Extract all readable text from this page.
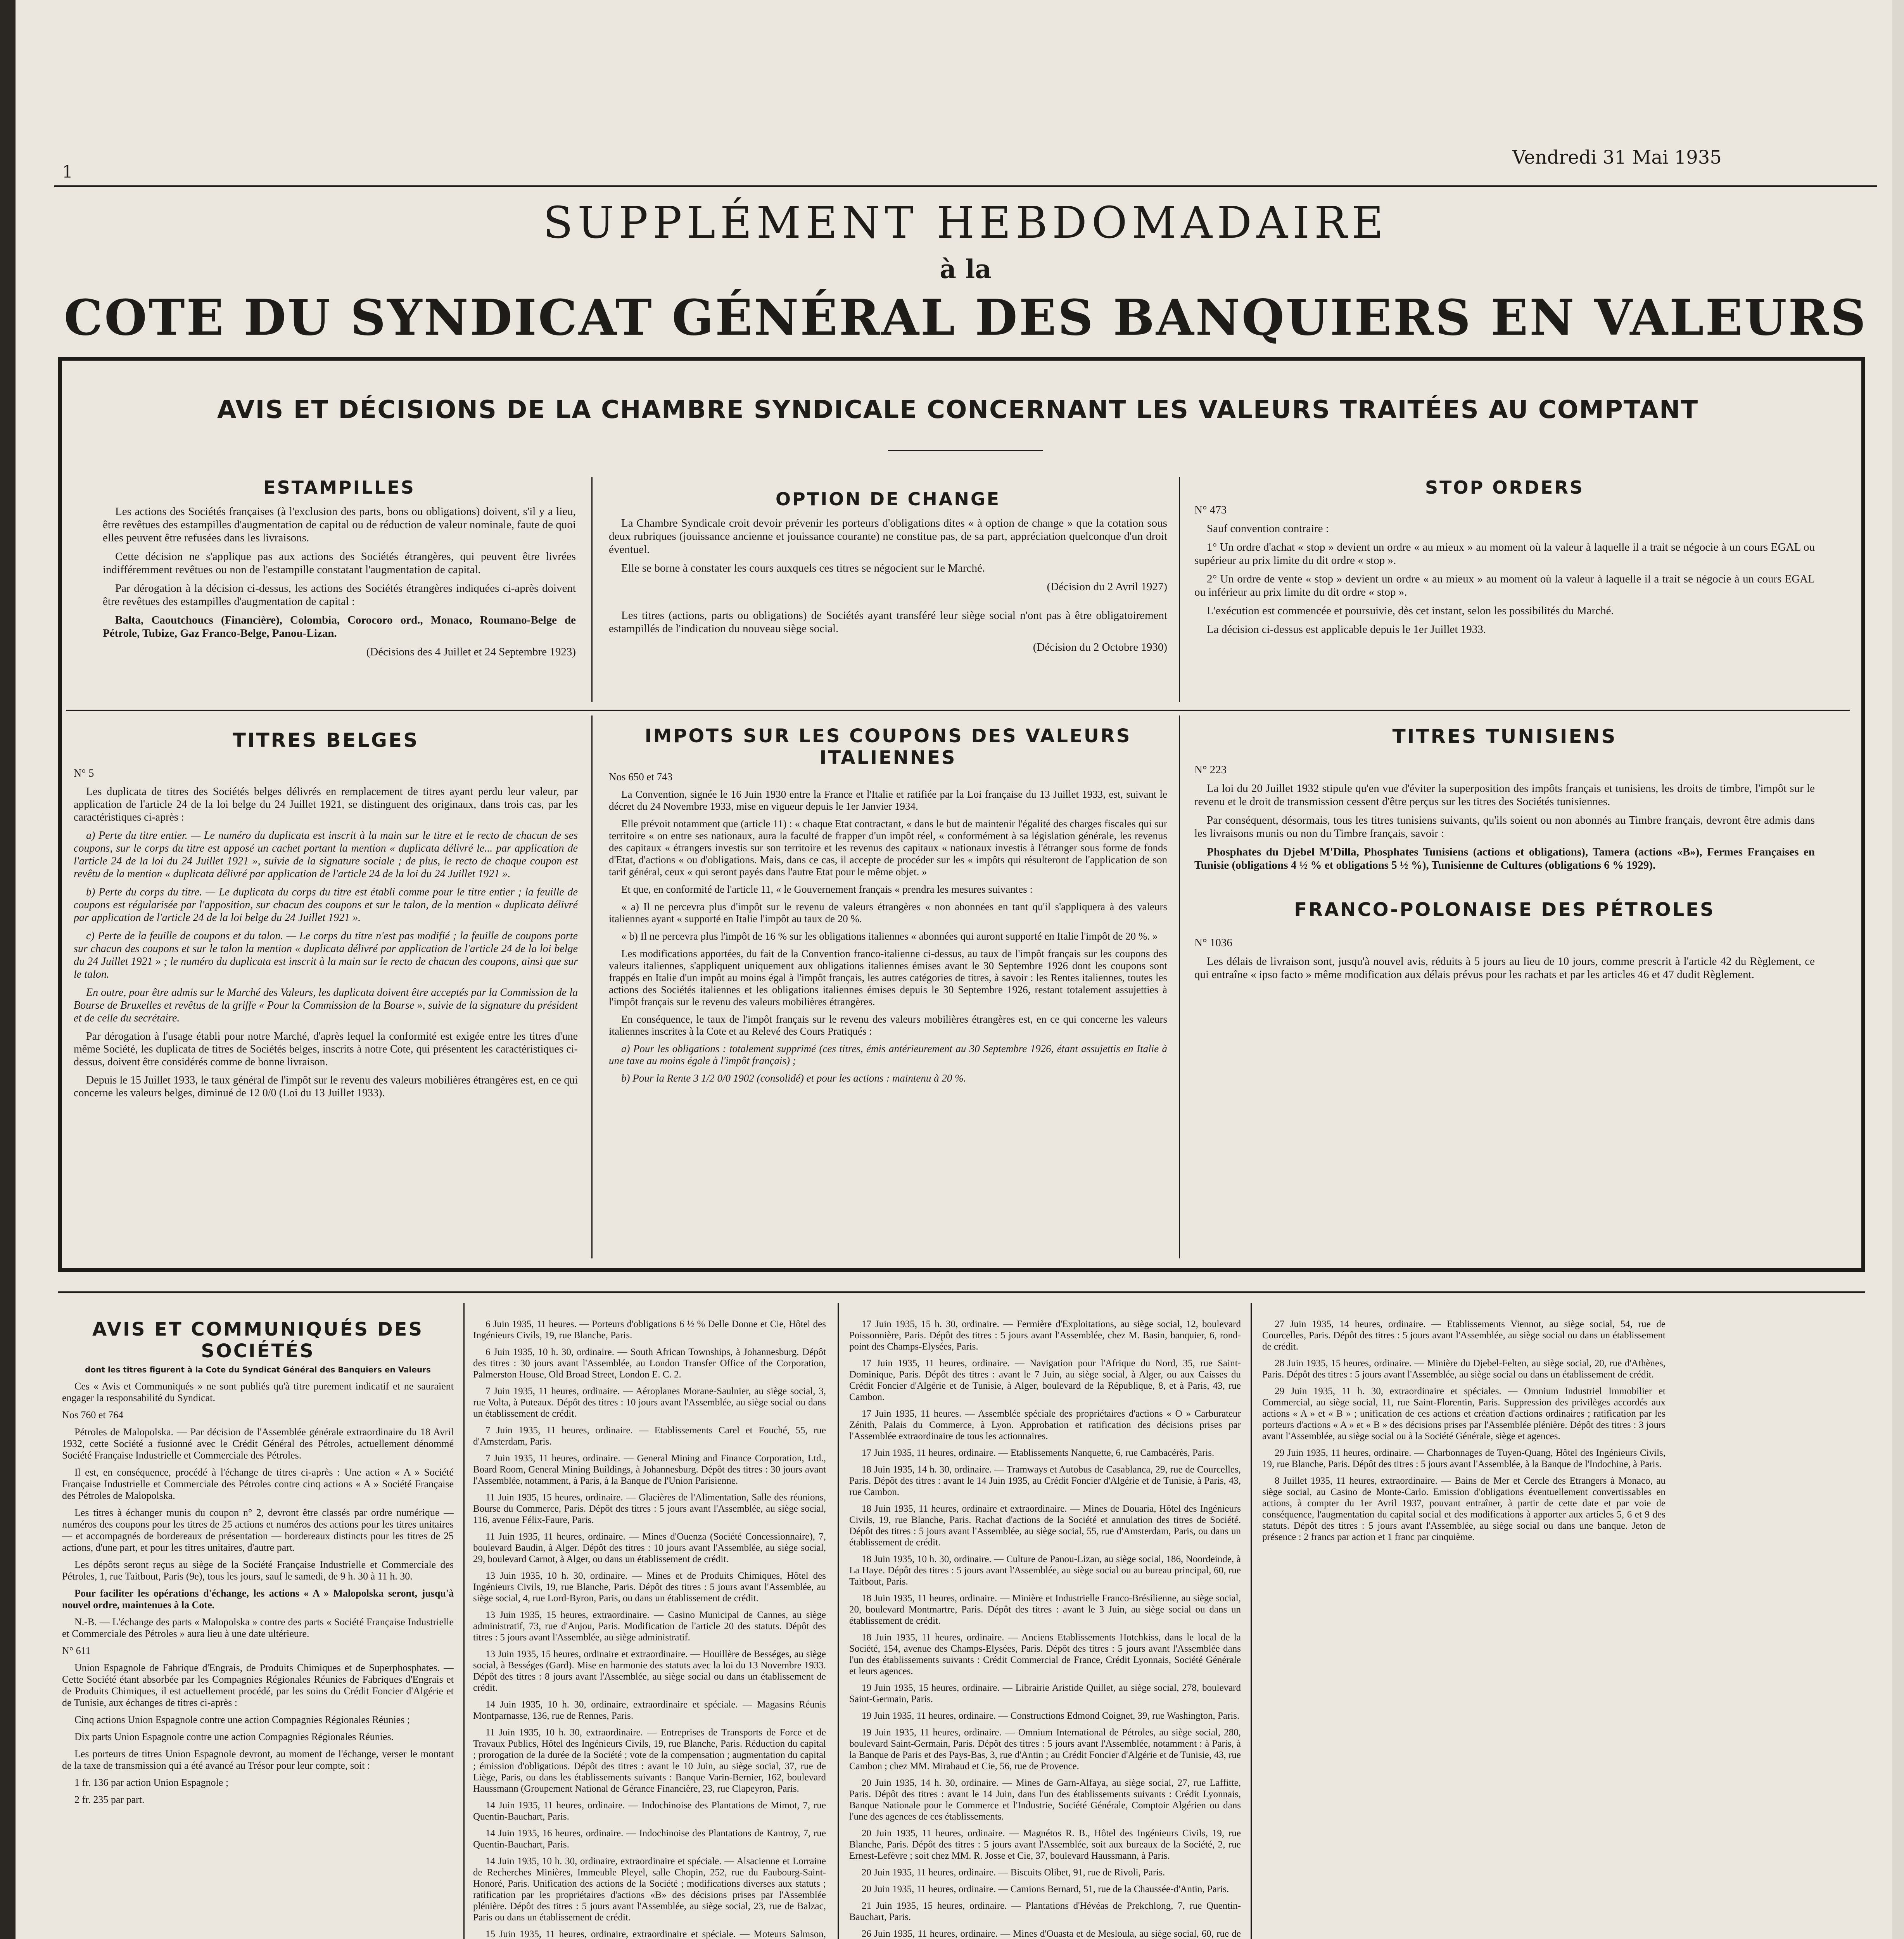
1
Vendredi 31 Mai 1935
SUPPLÉMENT HEBDOMADAIRE
à la
COTE DU SYNDICAT GÉNÉRAL DES BANQUIERS EN VALEURS
AVIS ET DÉCISIONS DE LA CHAMBRE SYNDICALE CONCERNANT LES VALEURS TRAITÉES AU COMPTANT
ESTAMPILLES

Les actions des Sociétés françaises (à l'exclusion des parts, bons ou obligations) doivent, s'il y a lieu, être revêtues des estampilles d'augmentation de capital ou de réduction de valeur nominale, faute de quoi elles peuvent être refusées dans les livraisons.

Cette décision ne s'applique pas aux actions des Sociétés étrangères, qui peuvent être livrées indifféremment revêtues ou non de l'estampille constatant l'augmentation de capital.

Par dérogation à la décision ci-dessus, les actions des Sociétés étrangères indiquées ci-après doivent être revêtues des estampilles d'augmentation de capital :

Balta, Caoutchoucs (Financière), Colombia, Corocoro ord., Monaco, Roumano-Belge de Pétrole, Tubize, Gaz Franco-Belge, Panou-Lizan.

(Décisions des 4 Juillet et 24 Septembre 1923)

OPTION DE CHANGE

La Chambre Syndicale croit devoir prévenir les porteurs d'obligations dites « à option de change » que la cotation sous deux rubriques (jouissance ancienne et jouissance courante) ne constitue pas, de sa part, appréciation quelconque d'un droit éventuel.

Elle se borne à constater les cours auxquels ces titres se négocient sur le Marché.

(Décision du 2 Avril 1927)

Les titres (actions, parts ou obligations) de Sociétés ayant transféré leur siège social n'ont pas à être obligatoirement estampillés de l'indication du nouveau siège social.

(Décision du 2 Octobre 1930)

STOP ORDERS

N° 473

Sauf convention contraire :

1° Un ordre d'achat « stop » devient un ordre « au mieux » au moment où la valeur à laquelle il a trait se négocie à un cours EGAL ou supérieur au prix limite du dit ordre « stop ».

2° Un ordre de vente « stop » devient un ordre « au mieux » au moment où la valeur à laquelle il a trait se négocie à un cours EGAL ou inférieur au prix limite du dit ordre « stop ».

L'exécution est commencée et poursuivie, dès cet instant, selon les possibilités du Marché.

La décision ci-dessus est applicable depuis le 1er Juillet 1933.

TITRES BELGES

N° 5

Les duplicata de titres des Sociétés belges délivrés en remplacement de titres ayant perdu leur valeur, par application de l'article 24 de la loi belge du 24 Juillet 1921, se distinguent des originaux, dans trois cas, par les caractéristiques ci-après :

a) Perte du titre entier. — Le numéro du duplicata est inscrit à la main sur le titre et le recto de chacun de ses coupons, sur le corps du titre est apposé un cachet portant la mention « duplicata délivré le... par application de l'article 24 de la loi du 24 Juillet 1921 », suivie de la signature sociale ; de plus, le recto de chaque coupon est revêtu de la mention « duplicata délivré par application de l'article 24 de la loi du 24 Juillet 1921 ».

b) Perte du corps du titre. — Le duplicata du corps du titre est établi comme pour le titre entier ; la feuille de coupons est régularisée par l'apposition, sur chacun des coupons et sur le talon, de la mention « duplicata délivré par application de l'article 24 de la loi belge du 24 Juillet 1921 ».

c) Perte de la feuille de coupons et du talon. — Le corps du titre n'est pas modifié ; la feuille de coupons porte sur chacun des coupons et sur le talon la mention « duplicata délivré par application de l'article 24 de la loi belge du 24 Juillet 1921 » ; le numéro du duplicata est inscrit à la main sur le recto de chacun des coupons, ainsi que sur le talon.

En outre, pour être admis sur le Marché des Valeurs, les duplicata doivent être acceptés par la Commission de la Bourse de Bruxelles et revêtus de la griffe « Pour la Commission de la Bourse », suivie de la signature du président et de celle du secrétaire.

Par dérogation à l'usage établi pour notre Marché, d'après lequel la conformité est exigée entre les titres d'une même Société, les duplicata de titres de Sociétés belges, inscrits à notre Cote, qui présentent les caractéristiques ci-dessus, doivent être considérés comme de bonne livraison.

Depuis le 15 Juillet 1933, le taux général de l'impôt sur le revenu des valeurs mobilières étrangères est, en ce qui concerne les valeurs belges, diminué de 12 0/0 (Loi du 13 Juillet 1933).

IMPOTS SUR LES COUPONS DES VALEURS ITALIENNES

Nos 650 et 743

La Convention, signée le 16 Juin 1930 entre la France et l'Italie et ratifiée par la Loi française du 13 Juillet 1933, est, suivant le décret du 24 Novembre 1933, mise en vigueur depuis le 1er Janvier 1934.

Elle prévoit notamment que (article 11) : « chaque Etat contractant, « dans le but de maintenir l'égalité des charges fiscales qui sur territoire « on entre ses nationaux, aura la faculté de frapper d'un impôt réel, « conformément à sa législation générale, les revenus des capitaux « étrangers investis sur son territoire et les revenus des capitaux « nationaux investis à l'étranger sous forme de fonds d'Etat, d'actions « ou d'obligations. Mais, dans ce cas, il accepte de procéder sur les « impôts qui résulteront de l'application de son tarif général, ceux « qui seront payés dans l'autre Etat pour le même objet. »

Et que, en conformité de l'article 11, « le Gouvernement français « prendra les mesures suivantes :

« a) Il ne percevra plus d'impôt sur le revenu de valeurs étrangères « non abonnées en tant qu'il s'appliquera à des valeurs italiennes ayant « supporté en Italie l'impôt au taux de 20 %.

« b) Il ne percevra plus l'impôt de 16 % sur les obligations italiennes « abonnées qui auront supporté en Italie l'impôt de 20 %. »

Les modifications apportées, du fait de la Convention franco-italienne ci-dessus, au taux de l'impôt français sur les coupons des valeurs italiennes, s'appliquent uniquement aux obligations italiennes émises avant le 30 Septembre 1926 dont les coupons sont frappés en Italie d'un impôt au moins égal à l'impôt français, les autres catégories de titres, à savoir : les Rentes italiennes, toutes les actions des Sociétés italiennes et les obligations italiennes émises depuis le 30 Septembre 1926, restant totalement assujetties à l'impôt français sur le revenu des valeurs mobilières étrangères.

En conséquence, le taux de l'impôt français sur le revenu des valeurs mobilières étrangères est, en ce qui concerne les valeurs italiennes inscrites à la Cote et au Relevé des Cours Pratiqués :

a) Pour les obligations : totalement supprimé (ces titres, émis antérieurement au 30 Septembre 1926, étant assujettis en Italie à une taxe au moins égale à l'impôt français) ;

b) Pour la Rente 3 1/2 0/0 1902 (consolidé) et pour les actions : maintenu à 20 %.

TITRES TUNISIENS

N° 223

La loi du 20 Juillet 1932 stipule qu'en vue d'éviter la superposition des impôts français et tunisiens, les droits de timbre, l'impôt sur le revenu et le droit de transmission cessent d'être perçus sur les titres des Sociétés tunisiennes.

Par conséquent, désormais, tous les titres tunisiens suivants, qu'ils soient ou non abonnés au Timbre français, devront être admis dans les livraisons munis ou non du Timbre français, savoir :

Phosphates du Djebel M'Dilla, Phosphates Tunisiens (actions et obligations), Tamera (actions «B»), Fermes Françaises en Tunisie (obligations 4 ½ % et obligations 5 ½ %), Tunisienne de Cultures (obligations 6 % 1929).

FRANCO-POLONAISE DES PÉTROLES

N° 1036

Les délais de livraison sont, jusqu'à nouvel avis, réduits à 5 jours au lieu de 10 jours, comme prescrit à l'article 42 du Règlement, ce qui entraîne « ipso facto » même modification aux délais prévus pour les rachats et par les articles 46 et 47 dudit Règlement.

AVIS ET COMMUNIQUÉS DES SOCIÉTÉS
dont les titres figurent à la Cote du Syndicat Général des Banquiers en Valeurs

Ces « Avis et Communiqués » ne sont publiés qu'à titre purement indicatif et ne sauraient engager la responsabilité du Syndicat.

Nos 760 et 764

Pétroles de Malopolska. — Par décision de l'Assemblée générale extraordinaire du 18 Avril 1932, cette Société a fusionné avec le Crédit Général des Pétroles, actuellement dénommé Société Française Industrielle et Commerciale des Pétroles.

Il est, en conséquence, procédé à l'échange de titres ci-après : Une action « A » Société Française Industrielle et Commerciale des Pétroles contre cinq actions « A » Société Française des Pétroles de Malopolska.

Les titres à échanger munis du coupon n° 2, devront être classés par ordre numérique — numéros des coupons pour les titres de 25 actions et numéros des actions pour les titres unitaires — et accompagnés de bordereaux de présentation — bordereaux distincts pour les titres de 25 actions, d'une part, et pour les titres unitaires, d'autre part.

Les dépôts seront reçus au siège de la Société Française Industrielle et Commerciale des Pétroles, 1, rue Taitbout, Paris (9e), tous les jours, sauf le samedi, de 9 h. 30 à 11 h. 30.

Pour faciliter les opérations d'échange, les actions « A » Malopolska seront, jusqu'à nouvel ordre, maintenues à la Cote.

N.-B. — L'échange des parts « Malopolska » contre des parts « Société Française Industrielle et Commerciale des Pétroles » aura lieu à une date ultérieure.

N° 611

Union Espagnole de Fabrique d'Engrais, de Produits Chimiques et de Superphosphates. — Cette Société étant absorbée par les Compagnies Régionales Réunies de Fabriques d'Engrais et de Produits Chimiques, il est actuellement procédé, par les soins du Crédit Foncier d'Algérie et de Tunisie, aux échanges de titres ci-après :

Cinq actions Union Espagnole contre une action Compagnies Régionales Réunies ;

Dix parts Union Espagnole contre une action Compagnies Régionales Réunies.

Les porteurs de titres Union Espagnole devront, au moment de l'échange, verser le montant de la taxe de transmission qui a été avancé au Trésor pour leur compte, soit :

1 fr. 136 par action Union Espagnole ;

2 fr. 235 par part.

6 Juin 1935, 11 heures. — Porteurs d'obligations 6 ½ % Delle Donne et Cie, Hôtel des Ingénieurs Civils, 19, rue Blanche, Paris.

6 Juin 1935, 10 h. 30, ordinaire. — South African Townships, à Johannesburg. Dépôt des titres : 30 jours avant l'Assemblée, au London Transfer Office of the Corporation, Palmerston House, Old Broad Street, London E. C. 2.

7 Juin 1935, 11 heures, ordinaire. — Aéroplanes Morane-Saulnier, au siège social, 3, rue Volta, à Puteaux. Dépôt des titres : 10 jours avant l'Assemblée, au siège social ou dans un établissement de crédit.

7 Juin 1935, 11 heures, ordinaire. — Etablissements Carel et Fouché, 55, rue d'Amsterdam, Paris.

7 Juin 1935, 11 heures, ordinaire. — General Mining and Finance Corporation, Ltd., Board Room, General Mining Buildings, à Johannesburg. Dépôt des titres : 30 jours avant l'Assemblée, notamment, à Paris, à la Banque de l'Union Parisienne.

11 Juin 1935, 15 heures, ordinaire. — Glacières de l'Alimentation, Salle des réunions, Bourse du Commerce, Paris. Dépôt des titres : 5 jours avant l'Assemblée, au siège social, 116, avenue Félix-Faure, Paris.

11 Juin 1935, 11 heures, ordinaire. — Mines d'Ouenza (Société Concessionnaire), 7, boulevard Baudin, à Alger. Dépôt des titres : 10 jours avant l'Assemblée, au siège social, 29, boulevard Carnot, à Alger, ou dans un établissement de crédit.

13 Juin 1935, 10 h. 30, ordinaire. — Mines et de Produits Chimiques, Hôtel des Ingénieurs Civils, 19, rue Blanche, Paris. Dépôt des titres : 5 jours avant l'Assemblée, au siège social, 4, rue Lord-Byron, Paris, ou dans un établissement de crédit.

13 Juin 1935, 15 heures, extraordinaire. — Casino Municipal de Cannes, au siège administratif, 73, rue d'Anjou, Paris. Modification de l'article 20 des statuts. Dépôt des titres : 5 jours avant l'Assemblée, au siège administratif.

13 Juin 1935, 15 heures, ordinaire et extraordinaire. — Houillère de Bességes, au siège social, à Bességes (Gard). Mise en harmonie des statuts avec la loi du 13 Novembre 1933. Dépôt des titres : 8 jours avant l'Assemblée, au siège social ou dans un établissement de crédit.

14 Juin 1935, 10 h. 30, ordinaire, extraordinaire et spéciale. — Magasins Réunis Montparnasse, 136, rue de Rennes, Paris.

11 Juin 1935, 10 h. 30, extraordinaire. — Entreprises de Transports de Force et de Travaux Publics, Hôtel des Ingénieurs Civils, 19, rue Blanche, Paris. Réduction du capital ; prorogation de la durée de la Société ; vote de la compensation ; augmentation du capital ; émission d'obligations. Dépôt des titres : avant le 10 Juin, au siège social, 37, rue de Liège, Paris, ou dans les établissements suivants : Banque Varin-Bernier, 162, boulevard Haussmann (Groupement National de Gérance Financière, 23, rue Clapeyron, Paris.

14 Juin 1935, 11 heures, ordinaire. — Indochinoise des Plantations de Mimot, 7, rue Quentin-Bauchart, Paris.

14 Juin 1935, 16 heures, ordinaire. — Indochinoise des Plantations de Kantroy, 7, rue Quentin-Bauchart, Paris.

14 Juin 1935, 10 h. 30, ordinaire, extraordinaire et spéciale. — Alsacienne et Lorraine de Recherches Minières, Immeuble Pleyel, salle Chopin, 252, rue du Faubourg-Saint-Honoré, Paris. Unification des actions de la Société ; modifications diverses aux statuts ; ratification par les propriétaires d'actions «B» des décisions prises par l'Assemblée plénière. Dépôt des titres : 5 jours avant l'Assemblée, au siège social, 23, rue de Balzac, Paris ou dans un établissement de crédit.

15 Juin 1935, 11 heures, ordinaire, extraordinaire et spéciale. — Moteurs Salmson,

17 Juin 1935, 15 h. 30, ordinaire. — Fermière d'Exploitations, au siège social, 12, boulevard Poissonnière, Paris. Dépôt des titres : 5 jours avant l'Assemblée, chez M. Basin, banquier, 6, rond-point des Champs-Elysées, Paris.

17 Juin 1935, 11 heures, ordinaire. — Navigation pour l'Afrique du Nord, 35, rue Saint-Dominique, Paris. Dépôt des titres : avant le 7 Juin, au siège social, à Alger, ou aux Caisses du Crédit Foncier d'Algérie et de Tunisie, à Alger, boulevard de la République, 8, et à Paris, 43, rue Cambon.

17 Juin 1935, 11 heures. — Assemblée spéciale des propriétaires d'actions « O » Carburateur Zénith, Palais du Commerce, à Lyon. Approbation et ratification des décisions prises par l'Assemblée extraordinaire de tous les actionnaires.

17 Juin 1935, 11 heures, ordinaire. — Etablissements Nanquette, 6, rue Cambacérès, Paris.

18 Juin 1935, 14 h. 30, ordinaire. — Tramways et Autobus de Casablanca, 29, rue de Courcelles, Paris. Dépôt des titres : avant le 14 Juin 1935, au Crédit Foncier d'Algérie et de Tunisie, à Paris, 43, rue Cambon.

18 Juin 1935, 11 heures, ordinaire et extraordinaire. — Mines de Douaria, Hôtel des Ingénieurs Civils, 19, rue Blanche, Paris. Rachat d'actions de la Société et annulation des titres de Société. Dépôt des titres : 5 jours avant l'Assemblée, au siège social, 55, rue d'Amsterdam, Paris, ou dans un établissement de crédit.

18 Juin 1935, 10 h. 30, ordinaire. — Culture de Panou-Lizan, au siège social, 186, Noordeinde, à La Haye. Dépôt des titres : 5 jours avant l'Assemblée, au siège social ou au bureau principal, 60, rue Taitbout, Paris.

18 Juin 1935, 11 heures, ordinaire. — Minière et Industrielle Franco-Brésilienne, au siège social, 20, boulevard Montmartre, Paris. Dépôt des titres : avant le 3 Juin, au siège social ou dans un établissement de crédit.

18 Juin 1935, 11 heures, ordinaire. — Anciens Etablissements Hotchkiss, dans le local de la Société, 154, avenue des Champs-Elysées, Paris. Dépôt des titres : 5 jours avant l'Assemblée dans l'un des établissements suivants : Crédit Commercial de France, Crédit Lyonnais, Société Générale et leurs agences.

19 Juin 1935, 15 heures, ordinaire. — Librairie Aristide Quillet, au siège social, 278, boulevard Saint-Germain, Paris.

19 Juin 1935, 11 heures, ordinaire. — Constructions Edmond Coignet, 39, rue Washington, Paris.

19 Juin 1935, 11 heures, ordinaire. — Omnium International de Pétroles, au siège social, 280, boulevard Saint-Germain, Paris. Dépôt des titres : 5 jours avant l'Assemblée, notamment : à Paris, à la Banque de Paris et des Pays-Bas, 3, rue d'Antin ; au Crédit Foncier d'Algérie et de Tunisie, 43, rue Cambon ; chez MM. Mirabaud et Cie, 56, rue de Provence.

20 Juin 1935, 14 h. 30, ordinaire. — Mines de Garn-Alfaya, au siège social, 27, rue Laffitte, Paris. Dépôt des titres : avant le 14 Juin, dans l'un des établissements suivants : Crédit Lyonnais, Banque Nationale pour le Commerce et l'Industrie, Société Générale, Comptoir Algérien ou dans l'une des agences de ces établissements.

20 Juin 1935, 11 heures, ordinaire. — Magnétos R. B., Hôtel des Ingénieurs Civils, 19, rue Blanche, Paris. Dépôt des titres : 5 jours avant l'Assemblée, soit aux bureaux de la Société, 2, rue Ernest-Lefèvre ; soit chez MM. R. Josse et Cie, 37, boulevard Haussmann, à Paris.

20 Juin 1935, 11 heures, ordinaire. — Biscuits Olibet, 91, rue de Rivoli, Paris.

20 Juin 1935, 11 heures, ordinaire. — Camions Bernard, 51, rue de la Chaussée-d'Antin, Paris.

21 Juin 1935, 15 heures, ordinaire. — Plantations d'Hévéas de Prekchlong, 7, rue Quentin-Bauchart, Paris.

26 Juin 1935, 11 heures, ordinaire. — Mines d'Ouasta et de Mesloula, au siège social, 60, rue de

27 Juin 1935, 14 heures, ordinaire. — Etablissements Viennot, au siège social, 54, rue de Courcelles, Paris. Dépôt des titres : 5 jours avant l'Assemblée, au siège social ou dans un établissement de crédit.

28 Juin 1935, 15 heures, ordinaire. — Minière du Djebel-Felten, au siège social, 20, rue d'Athènes, Paris. Dépôt des titres : 5 jours avant l'Assemblée, au siège social ou dans un établissement de crédit.

29 Juin 1935, 11 h. 30, extraordinaire et spéciales. — Omnium Industriel Immobilier et Commercial, au siège social, 11, rue Saint-Florentin, Paris. Suppression des privilèges accordés aux actions « A » et « B » ; unification de ces actions et création d'actions ordinaires ; ratification par les porteurs d'actions « A » et « B » des décisions prises par l'Assemblée plénière. Dépôt des titres : 3 jours avant l'Assemblée, au siège social ou à la Société Générale, siège et agences.

29 Juin 1935, 11 heures, ordinaire. — Charbonnages de Tuyen-Quang, Hôtel des Ingénieurs Civils, 19, rue Blanche, Paris. Dépôt des titres : 5 jours avant l'Assemblée, à la Banque de l'Indochine, à Paris.

8 Juillet 1935, 11 heures, extraordinaire. — Bains de Mer et Cercle des Etrangers à Monaco, au siège social, au Casino de Monte-Carlo. Emission d'obligations éventuellement convertissables en actions, à compter du 1er Avril 1937, pouvant entraîner, à partir de cette date et par voie de conséquence, l'augmentation du capital social et des modifications à apporter aux articles 5, 6 et 9 des statuts. Dépôt des titres : 5 jours avant l'Assemblée, au siège social ou dans une banque. Jeton de présence : 2 francs par action et 1 franc par cinquième.
